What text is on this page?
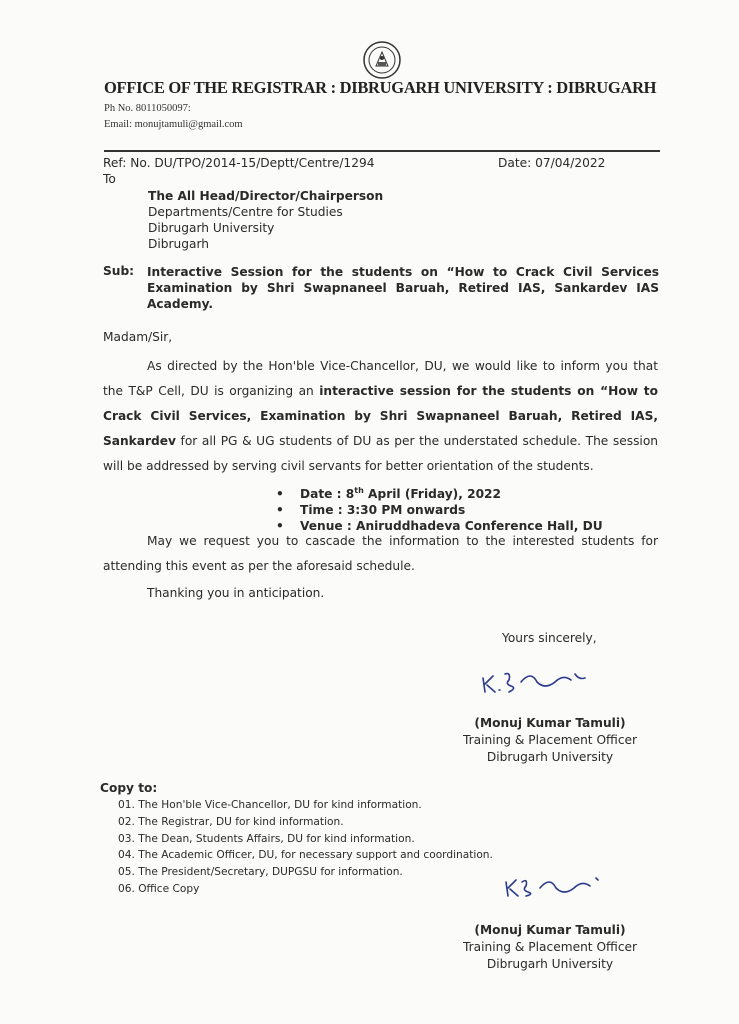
OFFICE OF THE REGISTRAR : DIBRUGARH UNIVERSITY : DIBRUGARH
Ph No. 8011050097:
Email: monujtamuli@gmail.com
Ref: No. DU/TPO/2014-15/Deptt/Centre/1294	Date: 07/04/2022
To
The All Head/Director/Chairperson
Departments/Centre for Studies
Dibrugarh University
Dibrugarh
Sub: Interactive Session for the students on “How to Crack Civil Services Examination by Shri Swapnaneel Baruah, Retired IAS, Sankardev IAS Academy.
Madam/Sir,
As directed by the Hon'ble Vice-Chancellor, DU, we would like to inform you that the T&P Cell, DU is organizing an interactive session for the students on “How to Crack Civil Services, Examination by Shri Swapnaneel Baruah, Retired IAS, Sankardev for all PG & UG students of DU as per the understated schedule. The session will be addressed by serving civil servants for better orientation of the students.
• Date : 8th April (Friday), 2022
• Time : 3:30 PM onwards
• Venue : Aniruddhadeva Conference Hall, DU
May we request you to cascade the information to the interested students for attending this event as per the aforesaid schedule.
Thanking you in anticipation.
Yours sincerely,
(Monuj Kumar Tamuli)
Training & Placement Officer
Dibrugarh University
Copy to:
01. The Hon'ble Vice-Chancellor, DU for kind information.
02. The Registrar, DU for kind information.
03. The Dean, Students Affairs, DU for kind information.
04. The Academic Officer, DU, for necessary support and coordination.
05. The President/Secretary, DUPGSU for information.
06. Office Copy
(Monuj Kumar Tamuli)
Training & Placement Officer
Dibrugarh University
